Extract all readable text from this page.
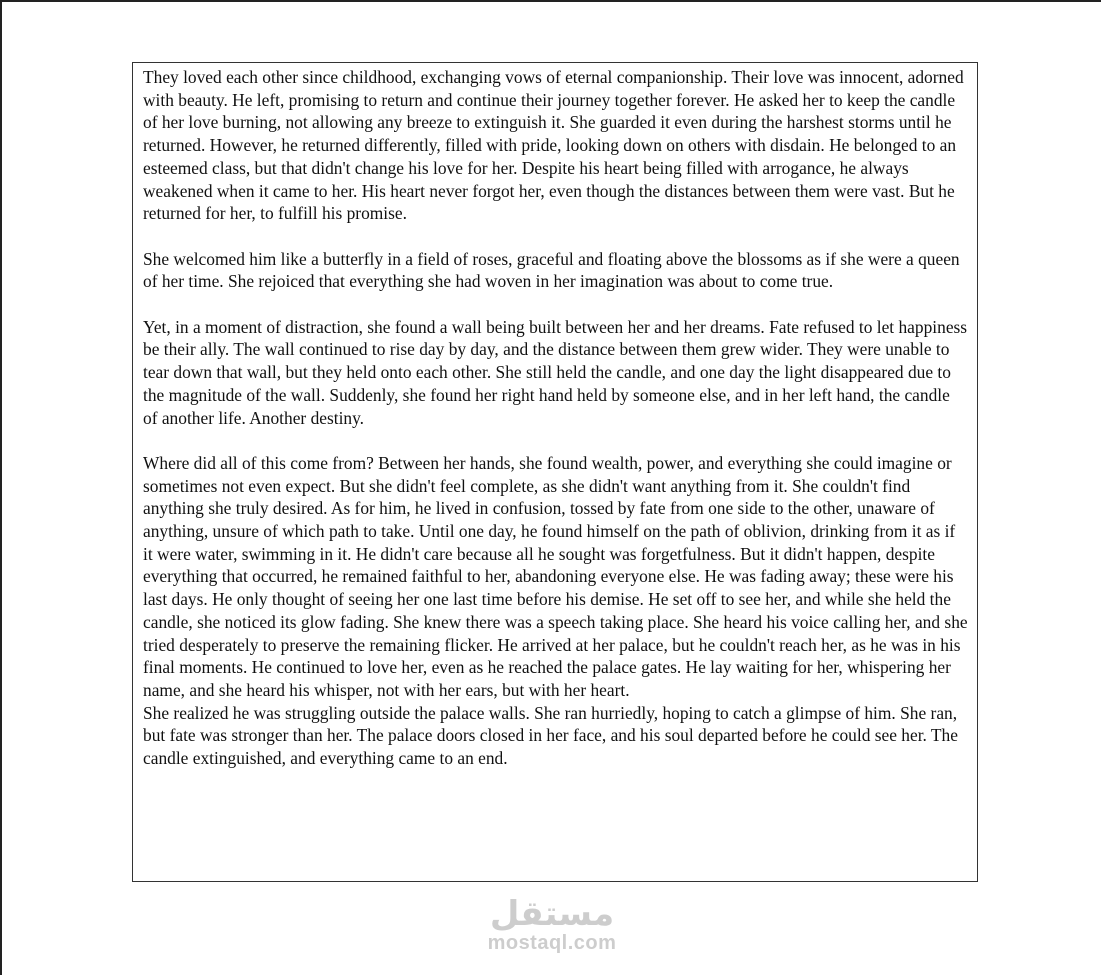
They loved each other since childhood, exchanging vows of eternal companionship. Their love was innocent, adorned with beauty. He left, promising to return and continue their journey together forever. He asked her to keep the candle of her love burning, not allowing any breeze to extinguish it. She guarded it even during the harshest storms until he returned. However, he returned differently, filled with pride, looking down on others with disdain. He belonged to an esteemed class, but that didn't change his love for her. Despite his heart being filled with arrogance, he always weakened when it came to her. His heart never forgot her, even though the distances between them were vast. But he returned for her, to fulfill his promise.

She welcomed him like a butterfly in a field of roses, graceful and floating above the blossoms as if she were a queen of her time. She rejoiced that everything she had woven in her imagination was about to come true.

Yet, in a moment of distraction, she found a wall being built between her and her dreams. Fate refused to let happiness be their ally. The wall continued to rise day by day, and the distance between them grew wider. They were unable to tear down that wall, but they held onto each other. She still held the candle, and one day the light disappeared due to the magnitude of the wall. Suddenly, she found her right hand held by someone else, and in her left hand, the candle of another life. Another destiny.

Where did all of this come from? Between her hands, she found wealth, power, and everything she could imagine or sometimes not even expect. But she didn't feel complete, as she didn't want anything from it. She couldn't find anything she truly desired. As for him, he lived in confusion, tossed by fate from one side to the other, unaware of anything, unsure of which path to take. Until one day, he found himself on the path of oblivion, drinking from it as if it were water, swimming in it. He didn't care because all he sought was forgetfulness. But it didn't happen, despite everything that occurred, he remained faithful to her, abandoning everyone else. He was fading away; these were his last days. He only thought of seeing her one last time before his demise. He set off to see her, and while she held the candle, she noticed its glow fading. She knew there was a speech taking place. She heard his voice calling her, and she tried desperately to preserve the remaining flicker. He arrived at her palace, but he couldn't reach her, as he was in his final moments. He continued to love her, even as he reached the palace gates. He lay waiting for her, whispering her name, and she heard his whisper, not with her ears, but with her heart.

She realized he was struggling outside the palace walls. She ran hurriedly, hoping to catch a glimpse of him. She ran, but fate was stronger than her. The palace doors closed in her face, and his soul departed before he could see her. The candle extinguished, and everything came to an end.

مستقل
mostaql.com
